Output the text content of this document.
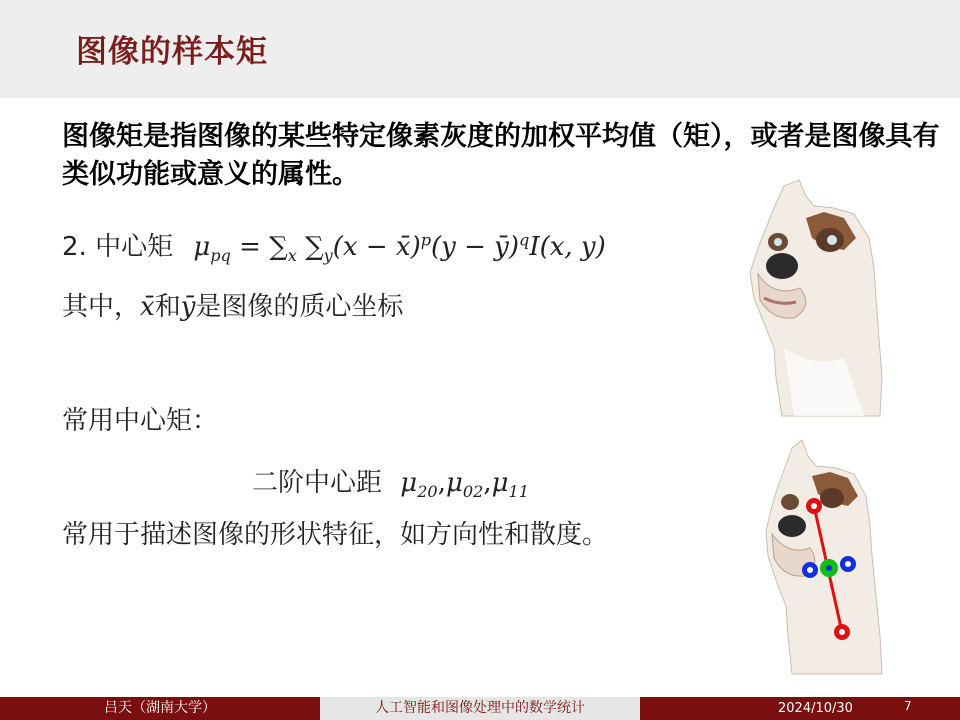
图像的样本矩
图像矩是指图像的某些特定像素灰度的加权平均值（矩），或者是图像具有类似功能或意义的属性。
2. 中心矩 $\mu_{pq} = \sum_x$ $\sum_y(x$ − x̄)$^p$(y − ȳ)$^q$I(x, y)
其中，x̄和ȳ是图像的质心坐标
常用中心矩：
二阶中心距 $\mu_{20},\mu_{02},\mu_{11}$
常用于描述图像的形状特征，如方向性和散度。
吕天（湖南大学）	人工智能和图像处理中的数学统计	2024/10/30	7
